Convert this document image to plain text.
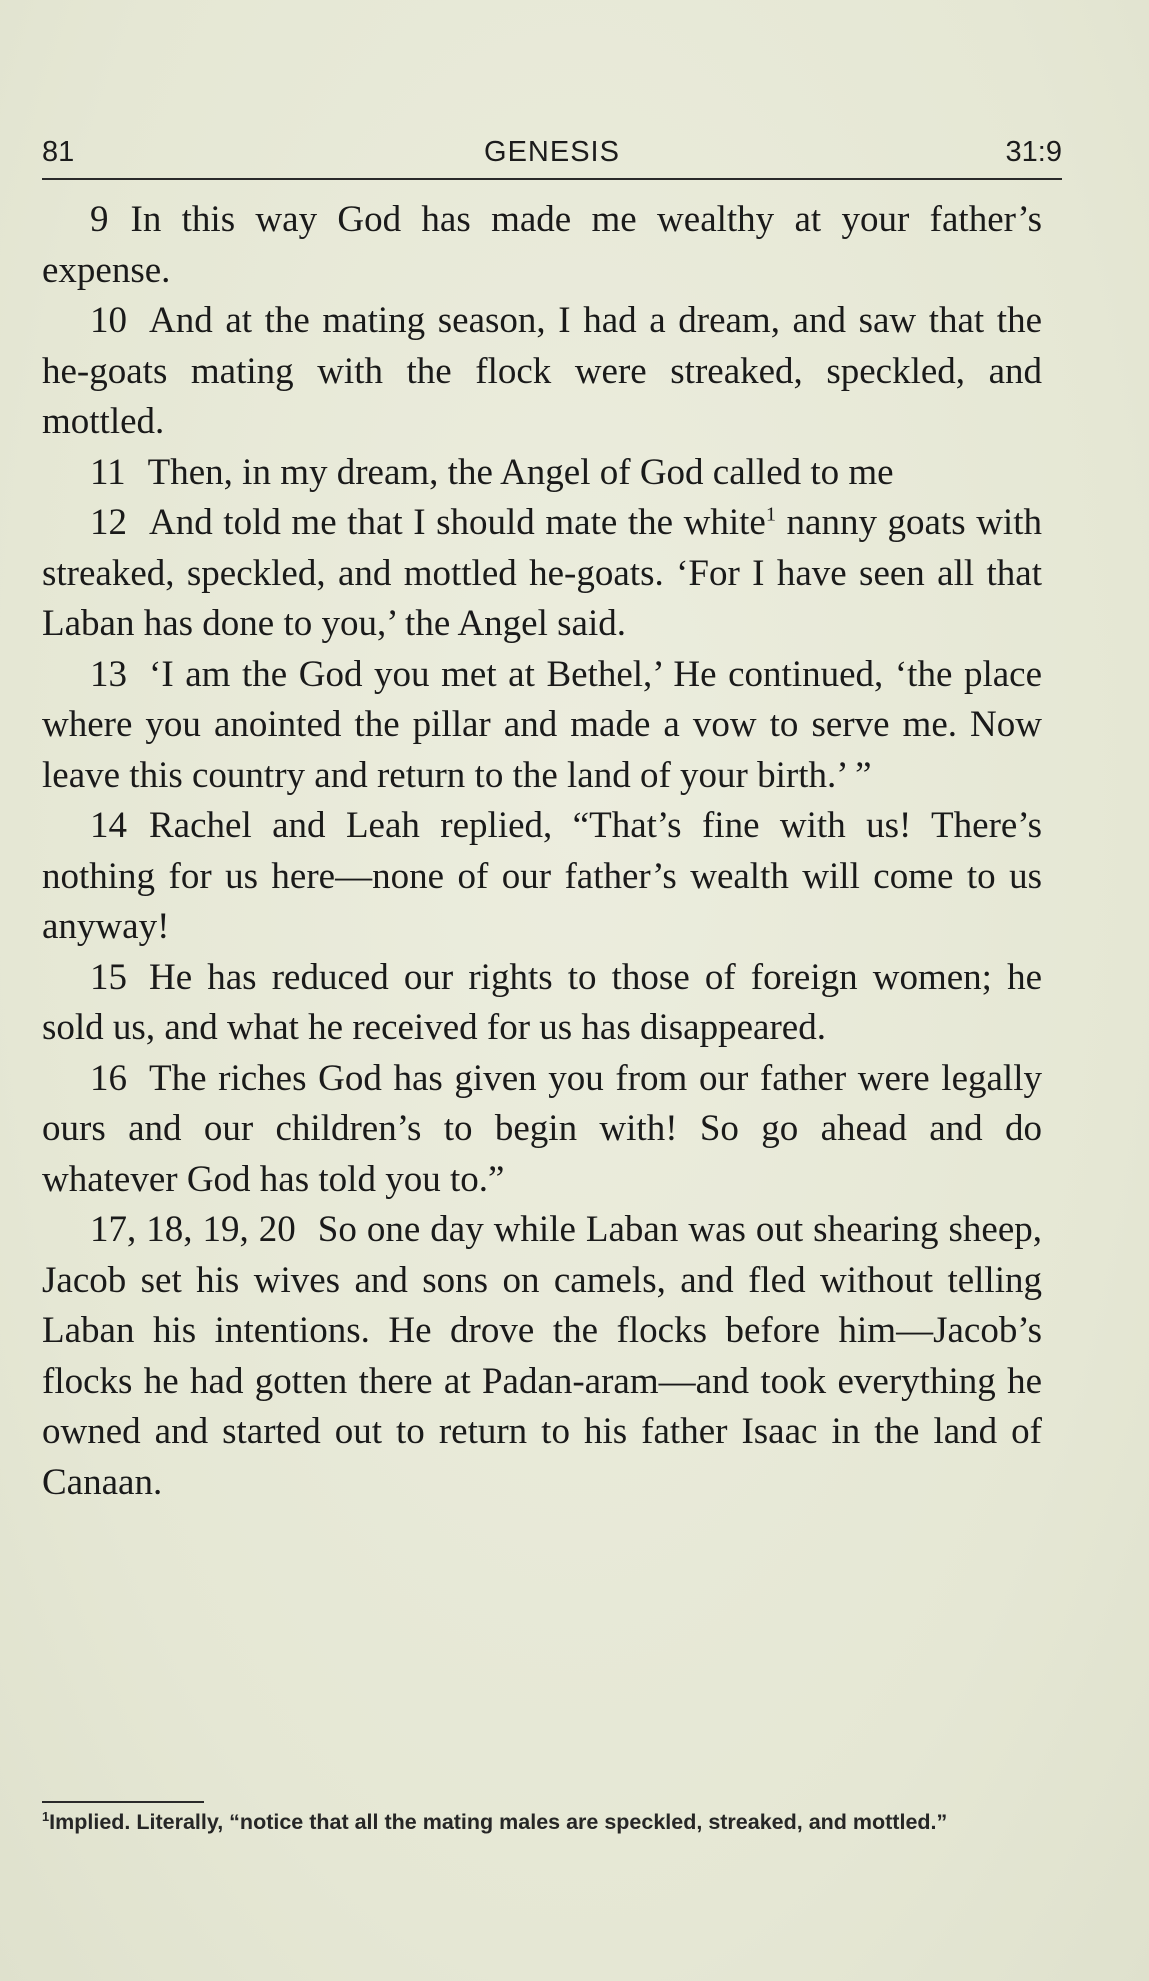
81	GENESIS	31:9

9 In this way God has made me wealthy at your father’s expense.

10 And at the mating season, I had a dream, and saw that the he-goats mating with the flock were streaked, speckled, and mottled.

11 Then, in my dream, the Angel of God called to me

12 And told me that I should mate the white$^1$ nanny goats with streaked, speckled, and mottled he-goats. ‘For I have seen all that Laban has done to you,’ the Angel said.

13 ‘I am the God you met at Bethel,’ He continued, ‘the place where you anointed the pillar and made a vow to serve me. Now leave this country and return to the land of your birth.’ ”

14 Rachel and Leah replied, “That’s fine with us! There’s nothing for us here—none of our father’s wealth will come to us anyway!

15 He has reduced our rights to those of foreign women; he sold us, and what he received for us has disappeared.

16 The riches God has given you from our father were legally ours and our children’s to begin with! So go ahead and do whatever God has told you to.”

17, 18, 19, 20 So one day while Laban was out shearing sheep, Jacob set his wives and sons on camels, and fled without telling Laban his intentions. He drove the flocks before him—Jacob’s flocks he had gotten there at Padan-aram—and took everything he owned and started out to return to his father Isaac in the land of Canaan.

$^1$Implied. Literally, “notice that all the mating males are speckled, streaked, and mottled.”
